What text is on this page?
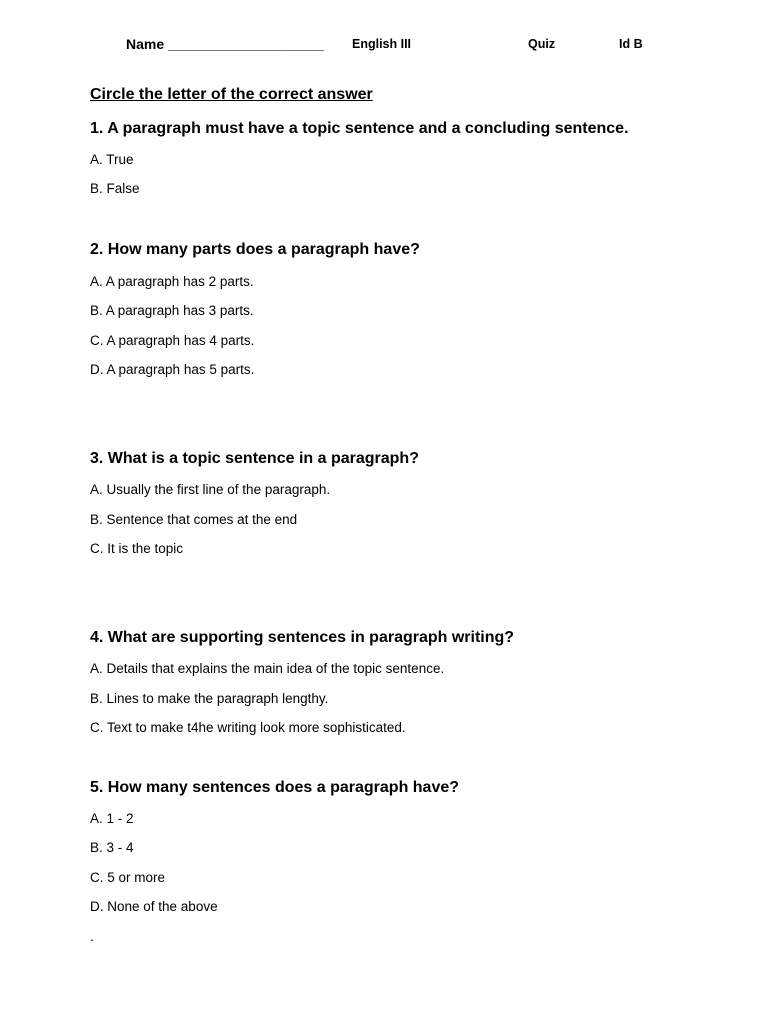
Name ____________________ English III	Quiz	Id B
Circle the letter of the correct answer
1. A paragraph must have a topic sentence and a concluding sentence.
A. True
B. False
2. How many parts does a paragraph have?
A. A paragraph has 2 parts.
B. A paragraph has 3 parts.
C. A paragraph has 4 parts.
D. A paragraph has 5 parts.
3. What is a topic sentence in a paragraph?
A. Usually the first line of the paragraph.
B. Sentence that comes at the end
C. It is the topic
4. What are supporting sentences in paragraph writing?
A. Details that explains the main idea of the topic sentence.
B. Lines to make the paragraph lengthy.
C. Text to make t4he writing look more sophisticated.
5. How many sentences does a paragraph have?
A. 1 - 2
B. 3 - 4
C. 5 or more
D. None of the above
.
